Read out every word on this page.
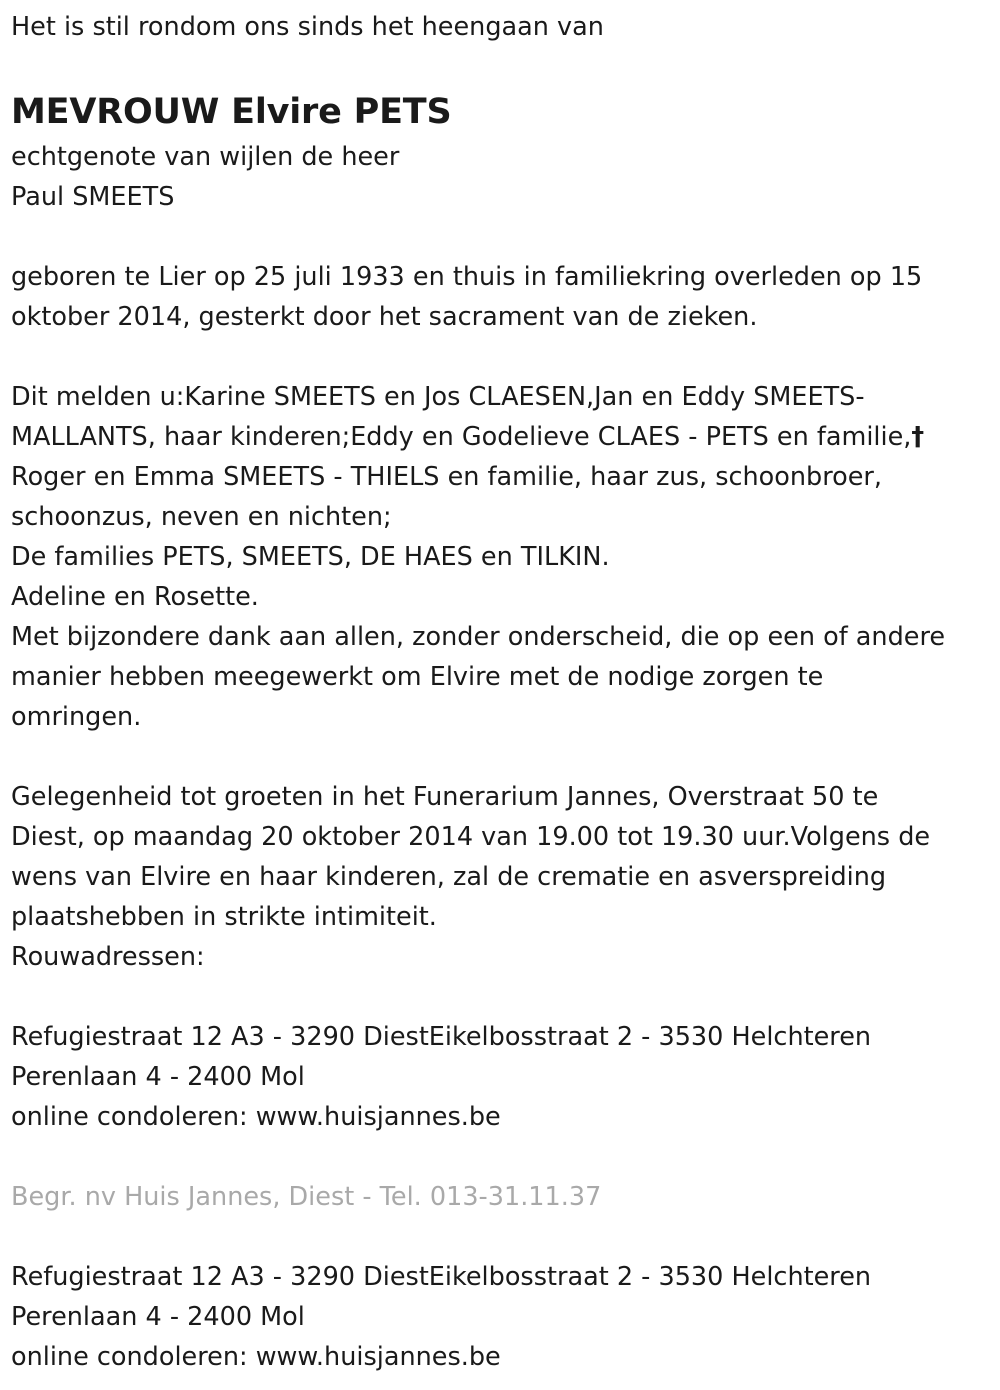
Het is stil rondom ons sinds het heengaan van
MEVROUW Elvire PETS
echtgenote van wijlen de heer
Paul SMEETS
geboren te Lier op 25 juli 1933 en thuis in familiekring overleden op 15
oktober 2014, gesterkt door het sacrament van de zieken.
Dit melden u:Karine SMEETS en Jos CLAESEN,Jan en Eddy SMEETS-
MALLANTS, haar kinderen;Eddy en Godelieve CLAES - PETS en familie,†
Roger en Emma SMEETS - THIELS en familie, haar zus, schoonbroer,
schoonzus, neven en nichten;
De families PETS, SMEETS, DE HAES en TILKIN.
Adeline en Rosette.
Met bijzondere dank aan allen, zonder onderscheid, die op een of andere
manier hebben meegewerkt om Elvire met de nodige zorgen te
omringen.
Gelegenheid tot groeten in het Funerarium Jannes, Overstraat 50 te
Diest, op maandag 20 oktober 2014 van 19.00 tot 19.30 uur.Volgens de
wens van Elvire en haar kinderen, zal de crematie en asverspreiding
plaatshebben in strikte intimiteit.
Rouwadressen:
Refugiestraat 12 A3 - 3290 DiestEikelbosstraat 2 - 3530 Helchteren
Perenlaan 4 - 2400 Mol
online condoleren: www.huisjannes.be
Begr. nv Huis Jannes, Diest - Tel. 013-31.11.37
Refugiestraat 12 A3 - 3290 DiestEikelbosstraat 2 - 3530 Helchteren
Perenlaan 4 - 2400 Mol
online condoleren: www.huisjannes.be
